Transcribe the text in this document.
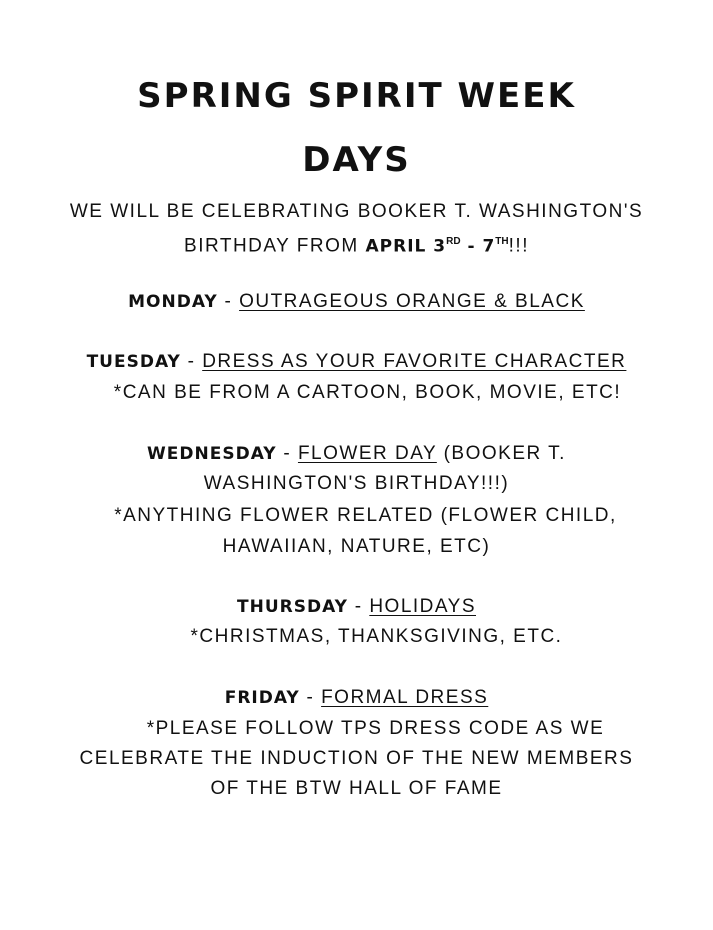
SPRING SPIRIT WEEK
DAYS
WE WILL BE CELEBRATING BOOKER T. WASHINGTON'S
BIRTHDAY FROM APRIL 3RD - 7TH!!!
MONDAY - OUTRAGEOUS ORANGE & BLACK
TUESDAY - DRESS AS YOUR FAVORITE CHARACTER
*CAN BE FROM A CARTOON, BOOK, MOVIE, ETC!
WEDNESDAY - FLOWER DAY (BOOKER T.
WASHINGTON'S BIRTHDAY!!!)
*ANYTHING FLOWER RELATED (FLOWER CHILD,
HAWAIIAN, NATURE, ETC)
THURSDAY - HOLIDAYS
*CHRISTMAS, THANKSGIVING, ETC.
FRIDAY - FORMAL DRESS
*PLEASE FOLLOW TPS DRESS CODE AS WE
CELEBRATE THE INDUCTION OF THE NEW MEMBERS
OF THE BTW HALL OF FAME
